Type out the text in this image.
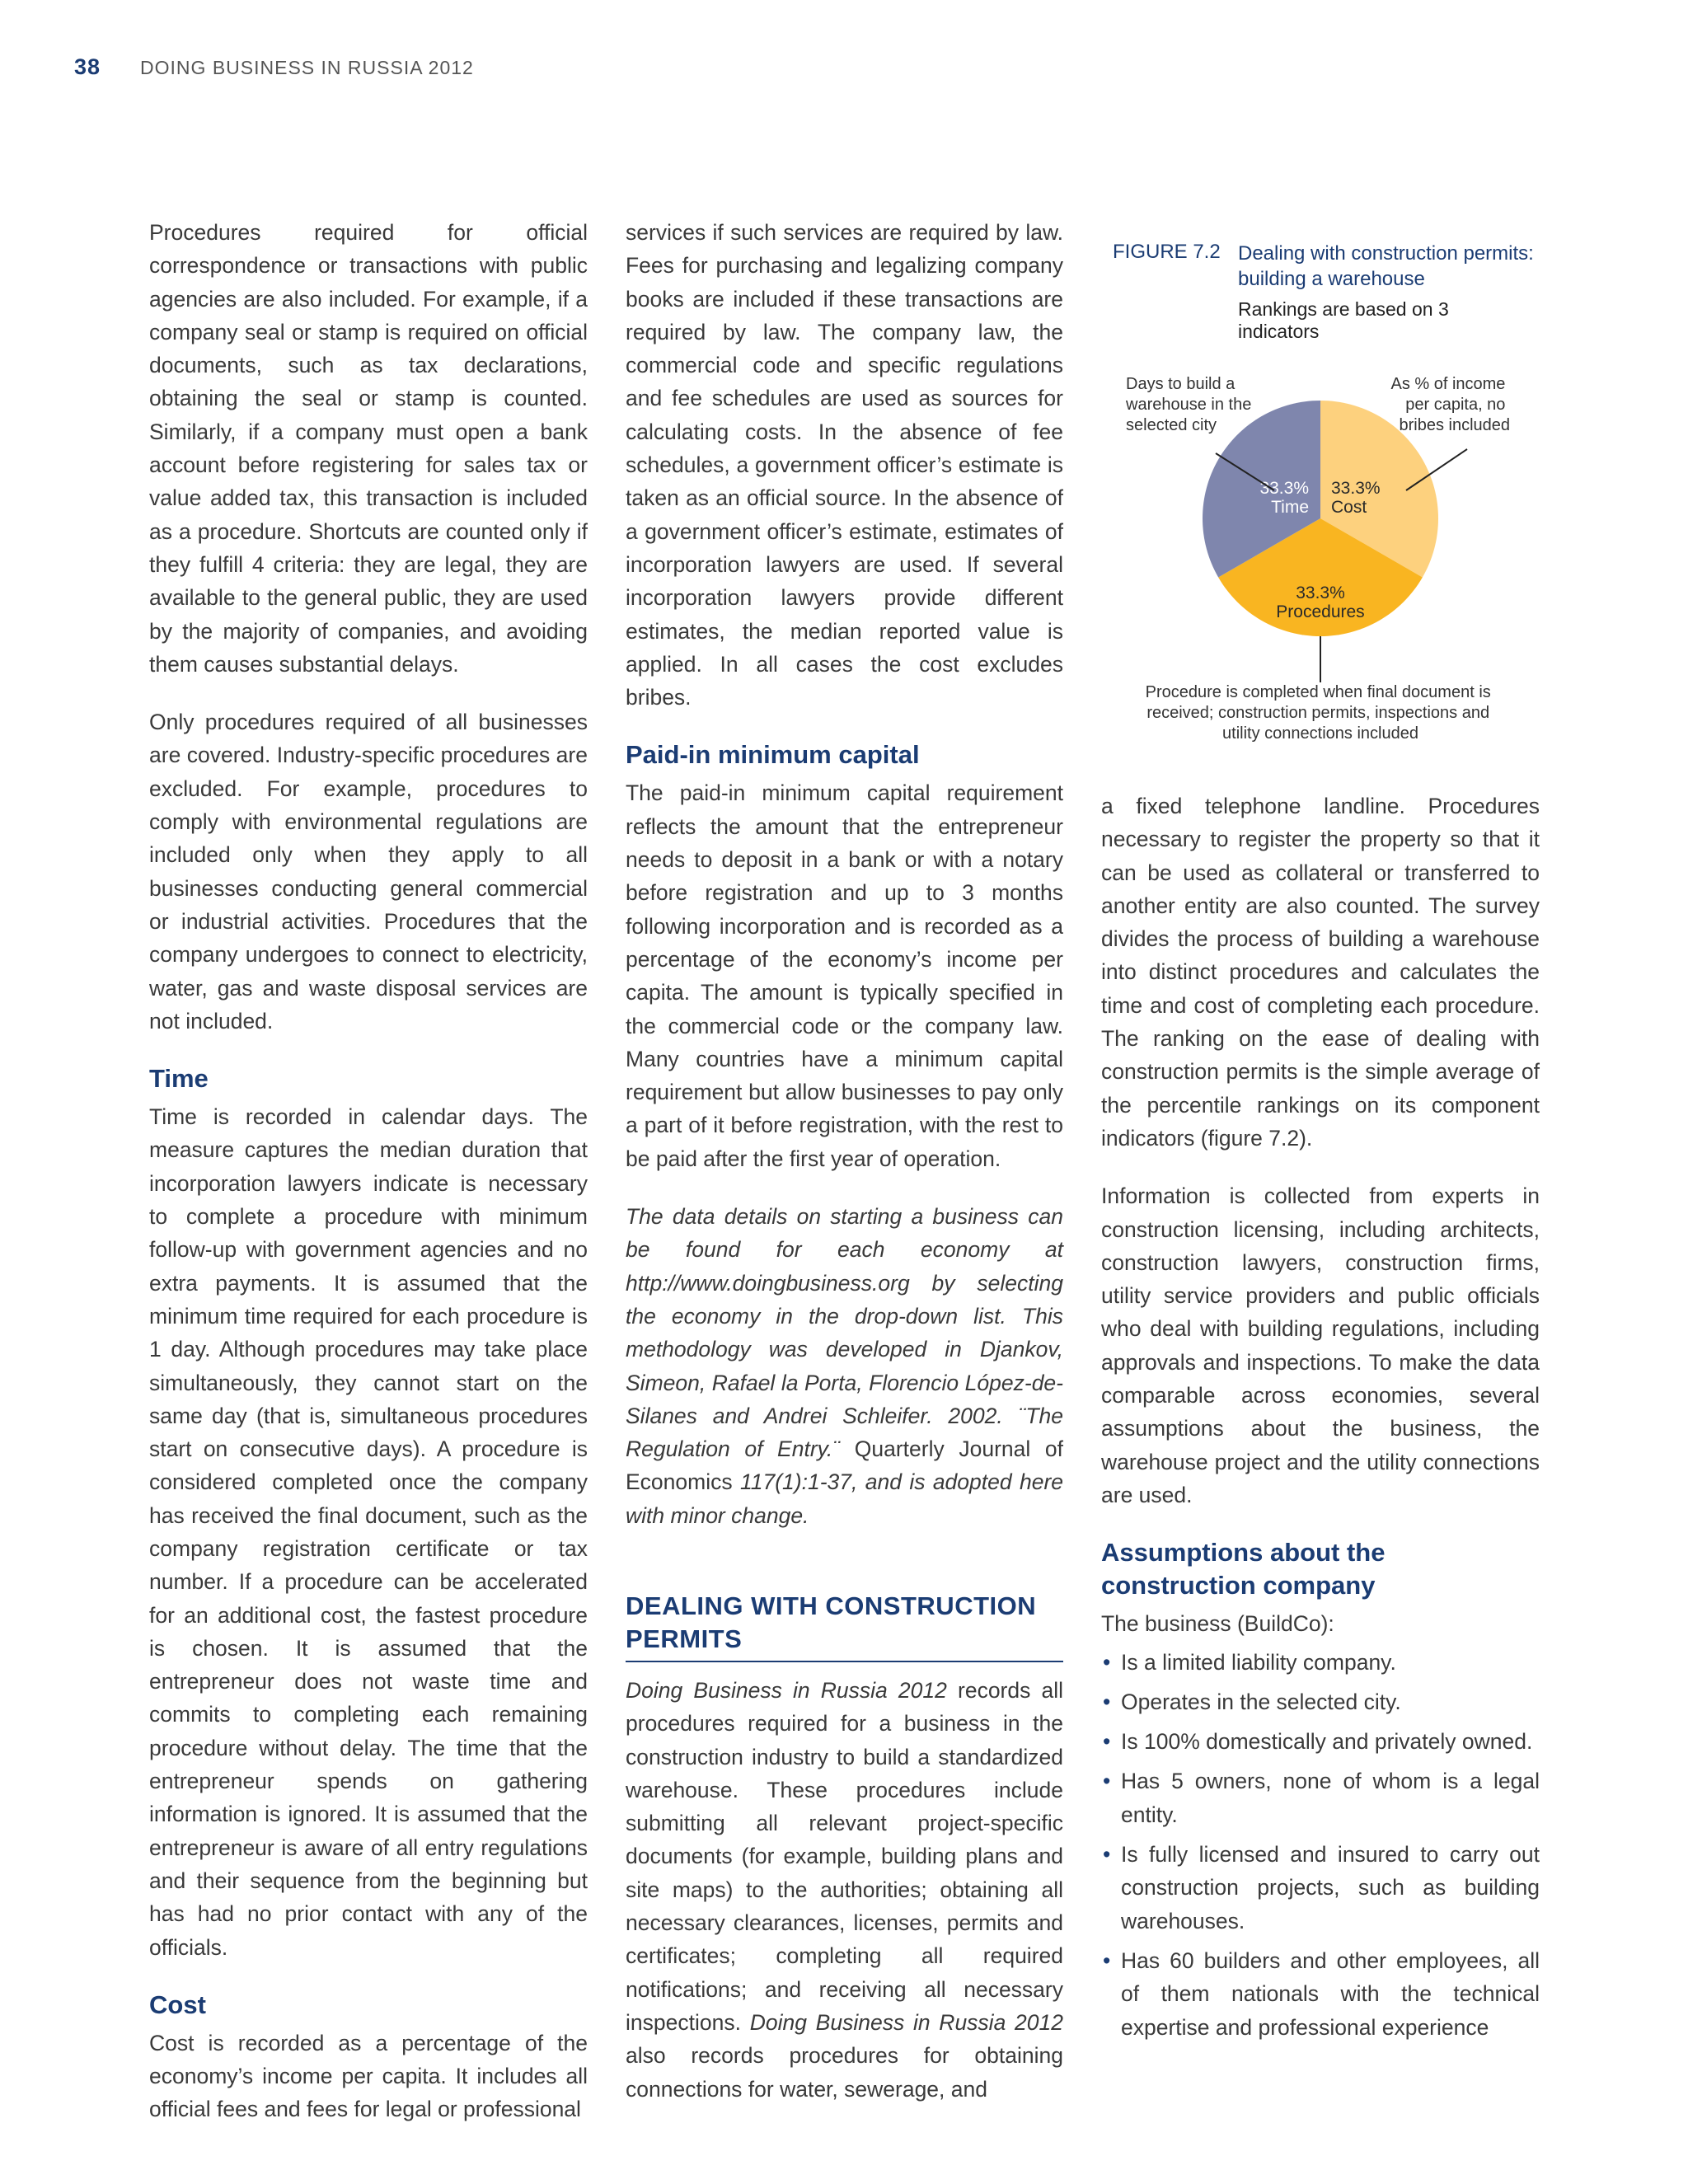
38 DOING BUSINESS IN RUSSIA 2012

Procedures required for official correspondence or transactions with public agencies are also included. For example, if a company seal or stamp is required on official documents, such as tax declarations, obtaining the seal or stamp is counted. Similarly, if a company must open a bank account before registering for sales tax or value added tax, this transaction is included as a procedure. Shortcuts are counted only if they fulfill 4 criteria: they are legal, they are available to the general public, they are used by the majority of companies, and avoiding them causes substantial delays.

Only procedures required of all businesses are covered. Industry-specific procedures are excluded. For example, procedures to comply with environmental regulations are included only when they apply to all businesses conducting general commercial or industrial activities. Procedures that the company undergoes to connect to electricity, water, gas and waste disposal services are not included.

Time

Time is recorded in calendar days. The measure captures the median duration that incorporation lawyers indicate is necessary to complete a procedure with minimum follow-up with government agencies and no extra payments. It is assumed that the minimum time required for each procedure is 1 day. Although procedures may take place simultaneously, they cannot start on the same day (that is, simultaneous procedures start on consecutive days). A procedure is considered completed once the company has received the final document, such as the company registration certificate or tax number. If a procedure can be accelerated for an additional cost, the fastest procedure is chosen. It is assumed that the entrepreneur does not waste time and commits to completing each remaining procedure without delay. The time that the entrepreneur spends on gathering information is ignored. It is assumed that the entrepreneur is aware of all entry regulations and their sequence from the beginning but has had no prior contact with any of the officials.

Cost

Cost is recorded as a percentage of the economy’s income per capita. It includes all official fees and fees for legal or professional

services if such services are required by law. Fees for purchasing and legalizing company books are included if these transactions are required by law. The company law, the commercial code and specific regulations and fee schedules are used as sources for calculating costs. In the absence of fee schedules, a government officer’s estimate is taken as an official source. In the absence of a government officer’s estimate, estimates of incorporation lawyers are used. If several incorporation lawyers provide different estimates, the median reported value is applied. In all cases the cost excludes bribes.

Paid-in minimum capital

The paid-in minimum capital requirement reflects the amount that the entrepreneur needs to deposit in a bank or with a notary before registration and up to 3 months following incorporation and is recorded as a percentage of the economy’s income per capita. The amount is typically specified in the commercial code or the company law. Many countries have a minimum capital requirement but allow businesses to pay only a part of it before registration, with the rest to be paid after the first year of operation.

The data details on starting a business can be found for each economy at http://www.doingbusiness.org by selecting the economy in the drop-down list. This methodology was developed in Djankov, Simeon, Rafael la Porta, Florencio López-de-Silanes and Andrei Schleifer. 2002. ¨The Regulation of Entry.¨ Quarterly Journal of Economics 117(1):1-37, and is adopted here with minor change.

DEALING WITH CONSTRUCTION PERMITS

Doing Business in Russia 2012 records all procedures required for a business in the construction industry to build a standardized warehouse. These procedures include submitting all relevant project-specific documents (for example, building plans and site maps) to the authorities; obtaining all necessary clearances, licenses, permits and certificates; completing all required notifications; and receiving all necessary inspections. Doing Business in Russia 2012 also records procedures for obtaining connections for water, sewerage, and

FIGURE 7.2 Dealing with construction permits: building a warehouse
Rankings are based on 3 indicators
Days to build a warehouse in the selected city
As % of income per capita, no bribes included
33.3%
Time
33.3%
Cost
33.3%
Procedures
Procedure is completed when final document is received; construction permits, inspections and utility connections included

a fixed telephone landline. Procedures necessary to register the property so that it can be used as collateral or transferred to another entity are also counted. The survey divides the process of building a warehouse into distinct procedures and calculates the time and cost of completing each procedure. The ranking on the ease of dealing with construction permits is the simple average of the percentile rankings on its component indicators (figure 7.2).

Information is collected from experts in construction licensing, including architects, construction lawyers, construction firms, utility service providers and public officials who deal with building regulations, including approvals and inspections. To make the data comparable across economies, several assumptions about the business, the warehouse project and the utility connections are used.

Assumptions about the construction company
The business (BuildCo):
• Is a limited liability company.
• Operates in the selected city.
• Is 100% domestically and privately owned.
• Has 5 owners, none of whom is a legal entity.
• Is fully licensed and insured to carry out construction projects, such as building warehouses.
• Has 60 builders and other employees, all of them nationals with the technical expertise and professional experience
